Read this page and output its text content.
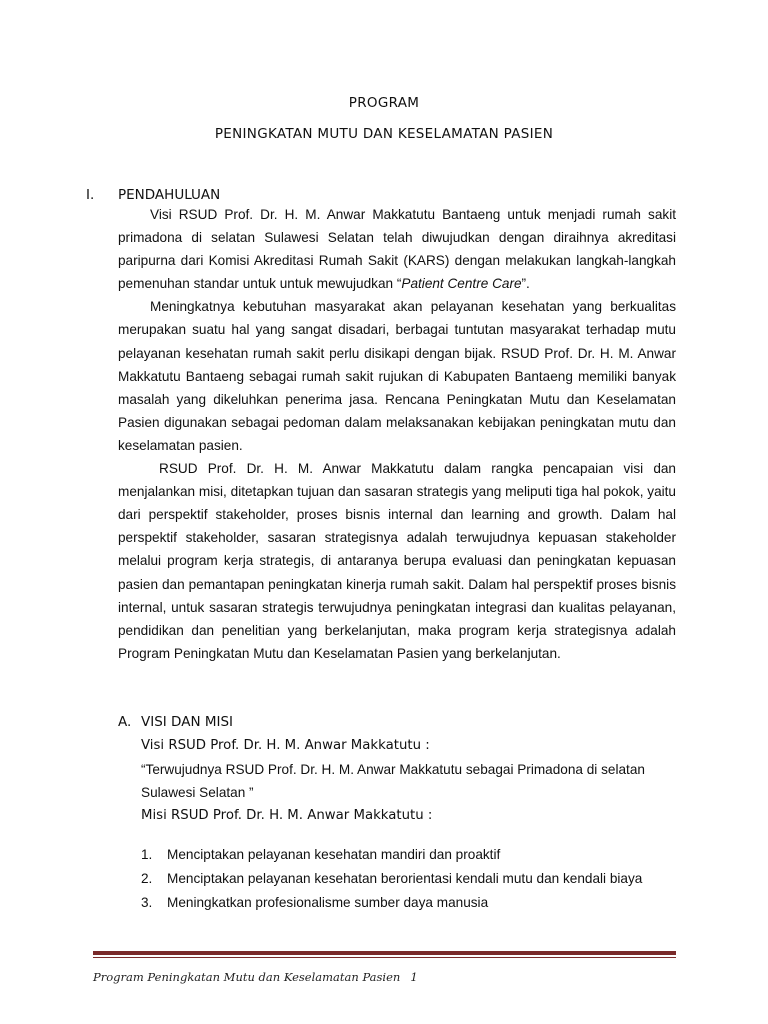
PROGRAM
PENINGKATAN MUTU DAN KESELAMATAN PASIEN
I. PENDAHULUAN

Visi RSUD Prof. Dr. H. M. Anwar Makkatutu Bantaeng untuk menjadi rumah sakit primadona di selatan Sulawesi Selatan telah diwujudkan dengan diraihnya akreditasi paripurna dari Komisi Akreditasi Rumah Sakit (KARS) dengan melakukan langkah-langkah pemenuhan standar untuk untuk mewujudkan “Patient Centre Care”.

Meningkatnya kebutuhan masyarakat akan pelayanan kesehatan yang berkualitas merupakan suatu hal yang sangat disadari, berbagai tuntutan masyarakat terhadap mutu pelayanan kesehatan rumah sakit perlu disikapi dengan bijak. RSUD Prof. Dr. H. M. Anwar Makkatutu Bantaeng sebagai rumah sakit rujukan di Kabupaten Bantaeng memiliki banyak masalah yang dikeluhkan penerima jasa. Rencana Peningkatan Mutu dan Keselamatan Pasien digunakan sebagai pedoman dalam melaksanakan kebijakan peningkatan mutu dan keselamatan pasien.

RSUD Prof. Dr. H. M. Anwar Makkatutu dalam rangka pencapaian visi dan menjalankan misi, ditetapkan tujuan dan sasaran strategis yang meliputi tiga hal pokok, yaitu dari perspektif stakeholder, proses bisnis internal dan learning and growth. Dalam hal perspektif stakeholder, sasaran strategisnya adalah terwujudnya kepuasan stakeholder melalui program kerja strategis, di antaranya berupa evaluasi dan peningkatan kepuasan pasien dan pemantapan peningkatan kinerja rumah sakit. Dalam hal perspektif proses bisnis internal, untuk sasaran strategis terwujudnya peningkatan integrasi dan kualitas pelayanan, pendidikan dan penelitian yang berkelanjutan, maka program kerja strategisnya adalah Program Peningkatan Mutu dan Keselamatan Pasien yang berkelanjutan.

A. VISI DAN MISI
Visi RSUD Prof. Dr. H. M. Anwar Makkatutu :
“Terwujudnya RSUD Prof. Dr. H. M. Anwar Makkatutu sebagai Primadona di selatan
Sulawesi Selatan ”
Misi RSUD Prof. Dr. H. M. Anwar Makkatutu :
1. Menciptakan pelayanan kesehatan mandiri dan proaktif
2. Menciptakan pelayanan kesehatan berorientasi kendali mutu dan kendali biaya
3. Meningkatkan profesionalisme sumber daya manusia
Program Peningkatan Mutu dan Keselamatan Pasien 1
